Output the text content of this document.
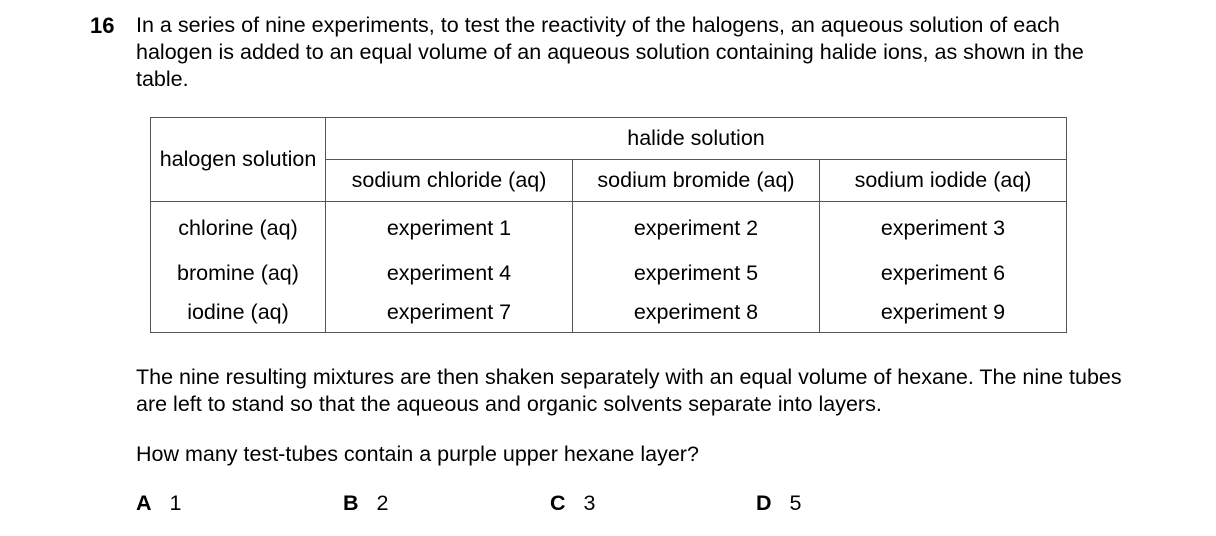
16 In a series of nine experiments, to test the reactivity of the halogens, an aqueous solution of each halogen is added to an equal volume of an aqueous solution containing halide ions, as shown in the table.
halogen solution	halide solution		
	sodium chloride (aq)	sodium bromide (aq)	sodium iodide (aq)
chlorine (aq)	experiment 1	experiment 2	experiment 3
bromine (aq)	experiment 4	experiment 5	experiment 6
iodine (aq)	experiment 7	experiment 8	experiment 9
The nine resulting mixtures are then shaken separately with an equal volume of hexane. The nine tubes are left to stand so that the aqueous and organic solvents separate into layers.
How many test-tubes contain a purple upper hexane layer?
A 1	B 2	C 3	D 5
